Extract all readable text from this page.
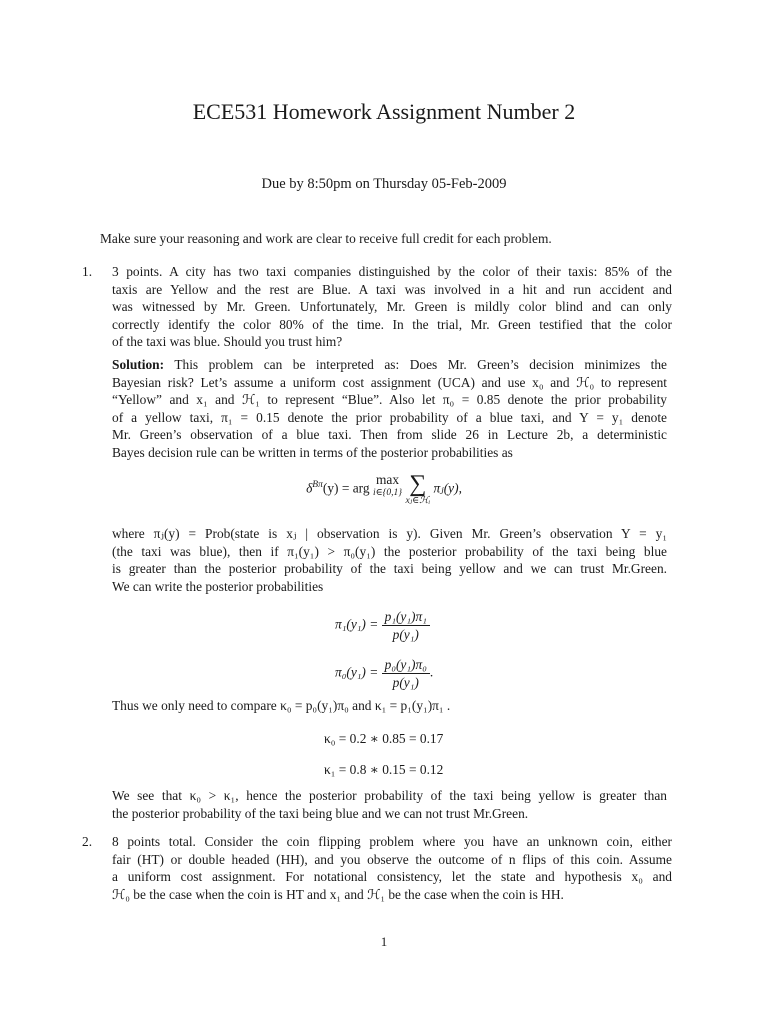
ECE531 Homework Assignment Number 2
Due by 8:50pm on Thursday 05-Feb-2009
Make sure your reasoning and work are clear to receive full credit for each problem.
1. 3 points. A city has two taxi companies distinguished by the color of their taxis: 85% of the
taxis are Yellow and the rest are Blue. A taxi was involved in a hit and run accident and
was witnessed by Mr. Green. Unfortunately, Mr. Green is mildly color blind and can only
correctly identify the color 80% of the time. In the trial, Mr. Green testified that the color
of the taxi was blue. Should you trust him?
Solution: This problem can be interpreted as: Does Mr. Green’s decision minimizes the
Bayesian risk? Let’s assume a uniform cost assignment (UCA) and use x₀ and ℋ₀ to represent
“Yellow” and x₁ and ℋ₁ to represent “Blue”. Also let π₀ = 0.85 denote the prior probability
of a yellow taxi, π₁ = 0.15 denote the prior probability of a blue taxi, and Y = y₁ denote
Mr. Green’s observation of a blue taxi. Then from slide 26 in Lecture 2b, a deterministic
Bayes decision rule can be written in terms of the posterior probabilities as
$\delta^{B\pi}(y)$ = arg
max
i∈{0,1}
∑
xⱼ∈ℋᵢ
πⱼ(y),
where πⱼ(y) = Prob(state is xⱼ | observation is y). Given Mr. Green’s observation Y = y₁
(the taxi was blue), then if π₁(y₁) > π₀(y₁) the posterior probability of the taxi being blue
is greater than the posterior probability of the taxi being yellow and we can trust Mr.Green.
We can write the posterior probabilities
$\pi_1(y_1) = \frac{\text{p₁(y₁)π₁}}{\text{p(y₁)}}$
$\pi_0(y_1) = \frac{\text{p₀(y₁)π₀}}{\text{p(y₁)}}$ .
Thus we only need to compare κ₀ = p₀(y₁)π₀ and κ₁ = p₁(y₁)π₁ .
κ₀ = 0.2 ∗ 0.85 = 0.17
κ₁ = 0.8 ∗ 0.15 = 0.12
We see that κ₀ > κ₁, hence the posterior probability of the taxi being yellow is greater than
the posterior probability of the taxi being blue and we can not trust Mr.Green.
2. 8 points total. Consider the coin flipping problem where you have an unknown coin, either
fair (HT) or double headed (HH), and you observe the outcome of n flips of this coin. Assume
a uniform cost assignment. For notational consistency, let the state and hypothesis x₀ and
ℋ₀ be the case when the coin is HT and x₁ and ℋ₁ be the case when the coin is HH.
1
